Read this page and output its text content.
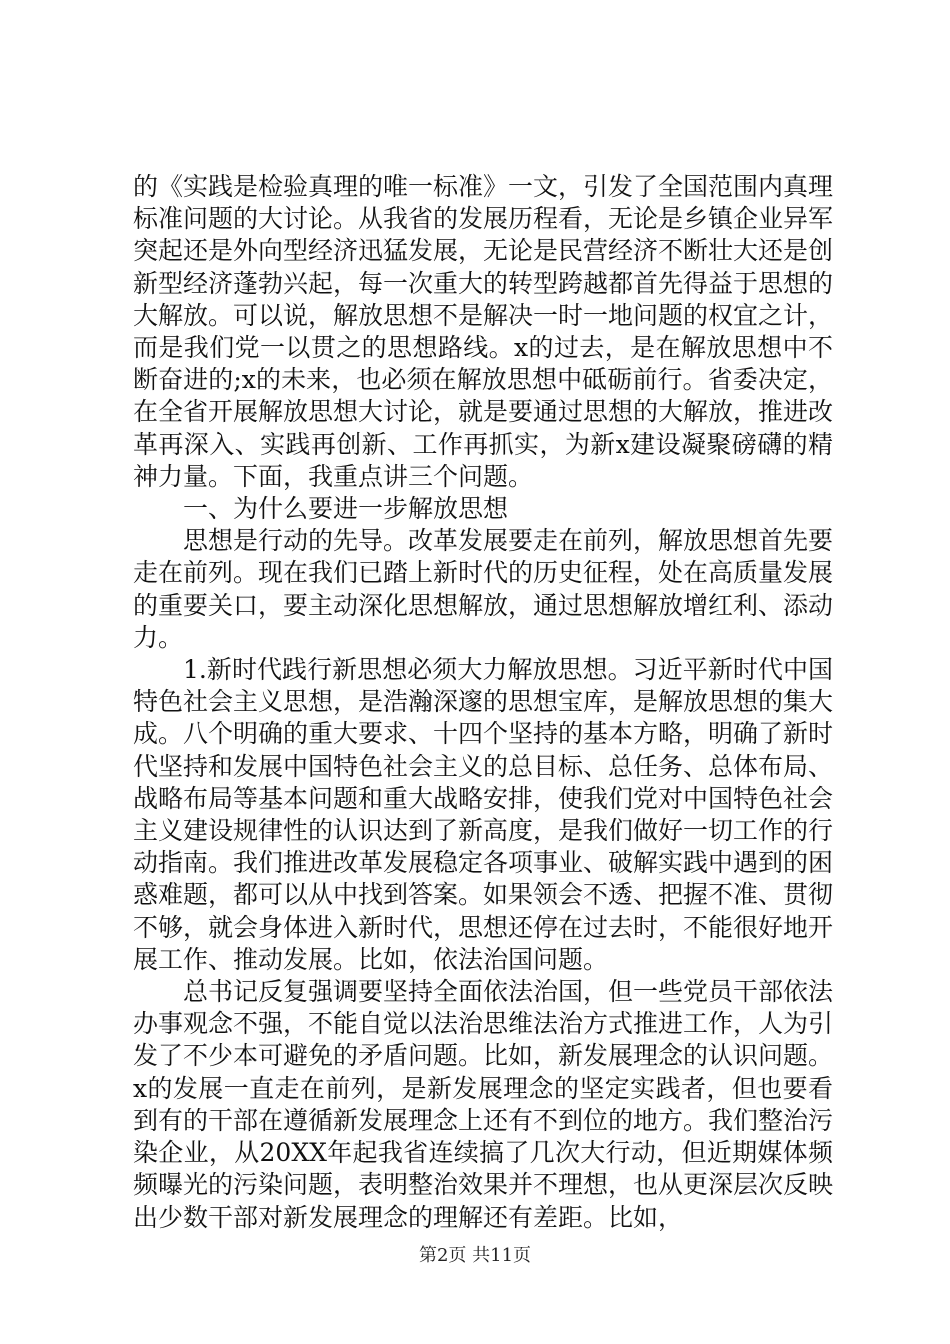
的《实践是检验真理的唯一标准》一文，引发了全国范围内真理标准问题的大讨论。从我省的发展历程看，无论是乡镇企业异军突起还是外向型经济迅猛发展，无论是民营经济不断壮大还是创新型经济蓬勃兴起，每一次重大的转型跨越都首先得益于思想的大解放。可以说，解放思想不是解决一时一地问题的权宜之计，而是我们党一以贯之的思想路线。x的过去，是在解放思想中不断奋进的;x的未来，也必须在解放思想中砥砺前行。省委决定，在全省开展解放思想大讨论，就是要通过思想的大解放，推进改革再深入、实践再创新、工作再抓实，为新x建设凝聚磅礴的精神力量。下面，我重点讲三个问题。

一、为什么要进一步解放思想

思想是行动的先导。改革发展要走在前列，解放思想首先要走在前列。现在我们已踏上新时代的历史征程，处在高质量发展的重要关口，要主动深化思想解放，通过思想解放增红利、添动力。

1.新时代践行新思想必须大力解放思想。习近平新时代中国特色社会主义思想，是浩瀚深邃的思想宝库，是解放思想的集大成。八个明确的重大要求、十四个坚持的基本方略，明确了新时代坚持和发展中国特色社会主义的总目标、总任务、总体布局、战略布局等基本问题和重大战略安排，使我们党对中国特色社会主义建设规律性的认识达到了新高度，是我们做好一切工作的行动指南。我们推进改革发展稳定各项事业、破解实践中遇到的困惑难题，都可以从中找到答案。如果领会不透、把握不准、贯彻不够，就会身体进入新时代，思想还停在过去时，不能很好地开展工作、推动发展。比如，依法治国问题。

总书记反复强调要坚持全面依法治国，但一些党员干部依法办事观念不强，不能自觉以法治思维法治方式推进工作，人为引发了不少本可避免的矛盾问题。比如，新发展理念的认识问题。x的发展一直走在前列，是新发展理念的坚定实践者，但也要看到有的干部在遵循新发展理念上还有不到位的地方。我们整治污染企业，从20XX年起我省连续搞了几次大行动，但近期媒体频频曝光的污染问题，表明整治效果并不理想，也从更深层次反映出少数干部对新发展理念的理解还有差距。比如，

第2页 共11页
